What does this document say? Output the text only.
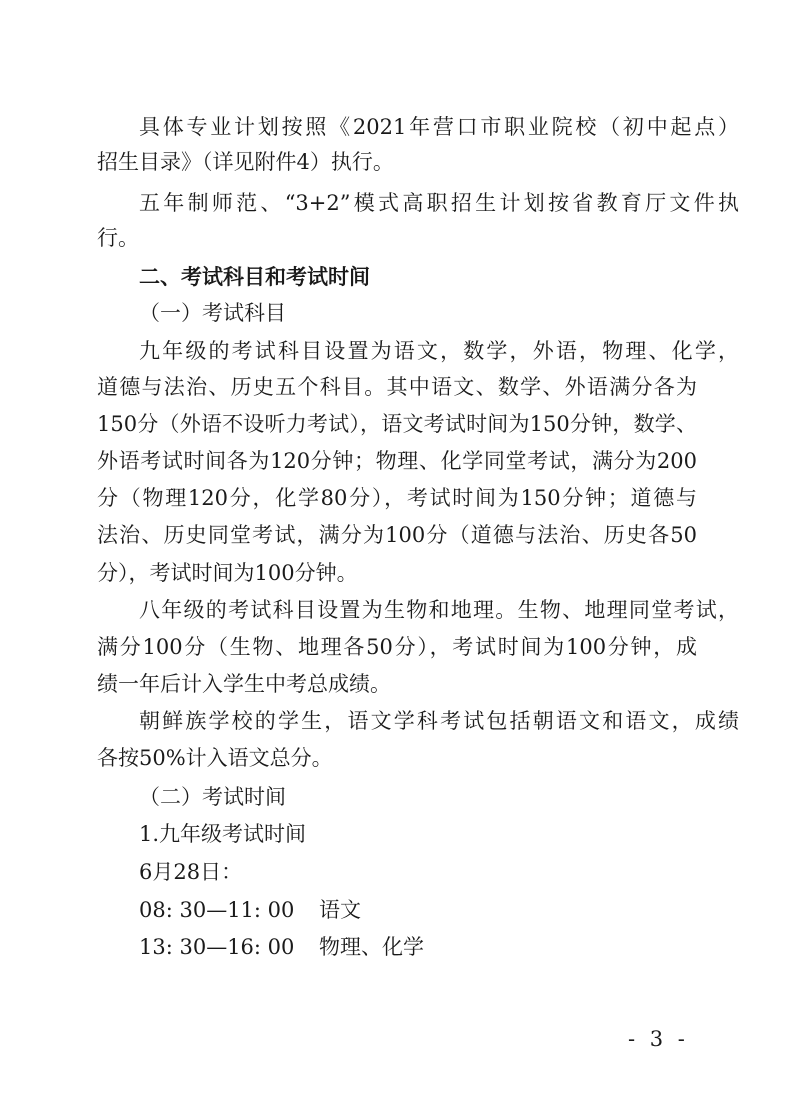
具体专业计划按照《2021年营口市职业院校（初中起点）
招生目录》（详见附件4）执行。
五年制师范、“3+2”模式高职招生计划按省教育厅文件执
行。
二、考试科目和考试时间
（一）考试科目
九年级的考试科目设置为语文，数学，外语，物理、化学，
道德与法治、历史五个科目。其中语文、数学、外语满分各为
150分（外语不设听力考试），语文考试时间为150分钟，数学、
外语考试时间各为120分钟；物理、化学同堂考试，满分为200
分（物理120分，化学80分），考试时间为150分钟；道德与
法治、历史同堂考试，满分为100分（道德与法治、历史各50
分），考试时间为100分钟。
八年级的考试科目设置为生物和地理。生物、地理同堂考试，
满分100分（生物、地理各50分），考试时间为100分钟，成
绩一年后计入学生中考总成绩。
朝鲜族学校的学生，语文学科考试包括朝语文和语文，成绩
各按50%计入语文总分。
（二）考试时间
1.九年级考试时间
6月28日：
08: 30—11: 00 语文
13: 30—16: 00 物理、化学
- 3 -
